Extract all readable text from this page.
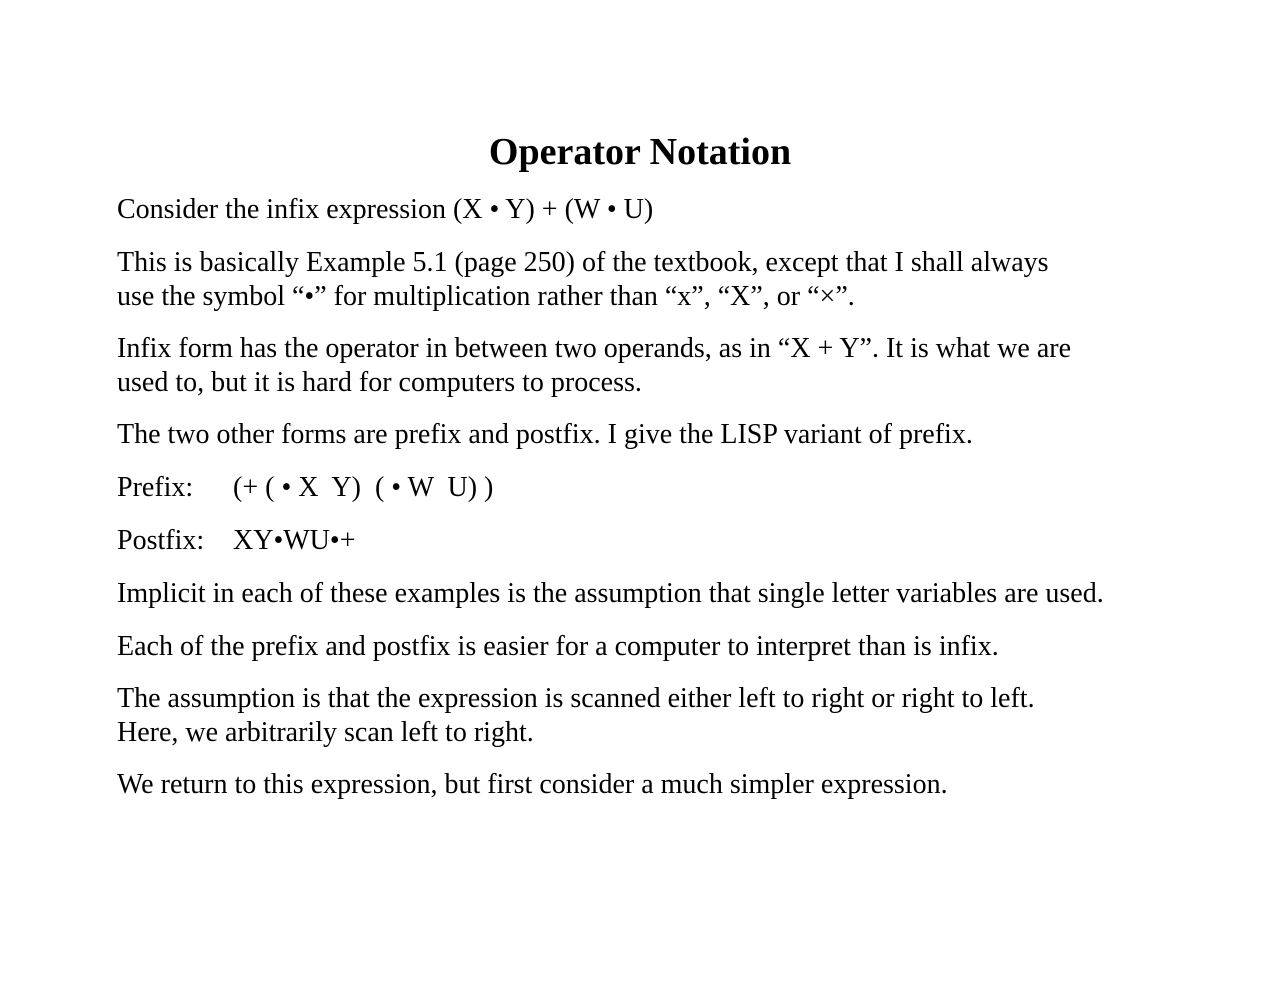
Operator Notation

Consider the infix expression (X • Y) + (W • U)

This is basically Example 5.1 (page 250) of the textbook, except that I shall always
use the symbol “•” for multiplication rather than “x”, “X”, or “×”.

Infix form has the operator in between two operands, as in “X + Y”. It is what we are
used to, but it is hard for computers to process.

The two other forms are prefix and postfix. I give the LISP variant of prefix.

Prefix: (+ ( • X  Y)  ( • W  U) )

Postfix: XY•WU•+

Implicit in each of these examples is the assumption that single letter variables are used.

Each of the prefix and postfix is easier for a computer to interpret than is infix.

The assumption is that the expression is scanned either left to right or right to left.
Here, we arbitrarily scan left to right.

We return to this expression, but first consider a much simpler expression.
